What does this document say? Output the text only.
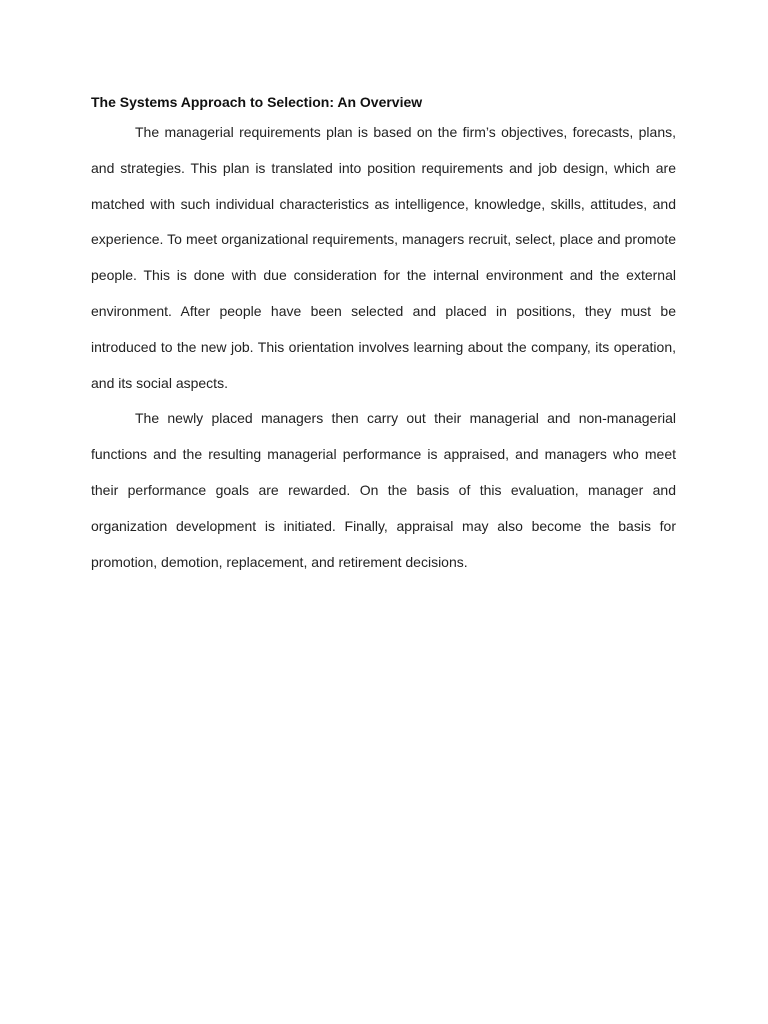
The Systems Approach to Selection: An Overview

The managerial requirements plan is based on the firm’s objectives, forecasts, plans, and strategies. This plan is translated into position requirements and job design, which are matched with such individual characteristics as intelligence, knowledge, skills, attitudes, and experience. To meet organizational requirements, managers recruit, select, place and promote people. This is done with due consideration for the internal environment and the external environment. After people have been selected and placed in positions, they must be introduced to the new job. This orientation involves learning about the company, its operation, and its social aspects.

The newly placed managers then carry out their managerial and non-managerial functions and the resulting managerial performance is appraised, and managers who meet their performance goals are rewarded. On the basis of this evaluation, manager and organization development is initiated. Finally, appraisal may also become the basis for promotion, demotion, replacement, and retirement decisions.
